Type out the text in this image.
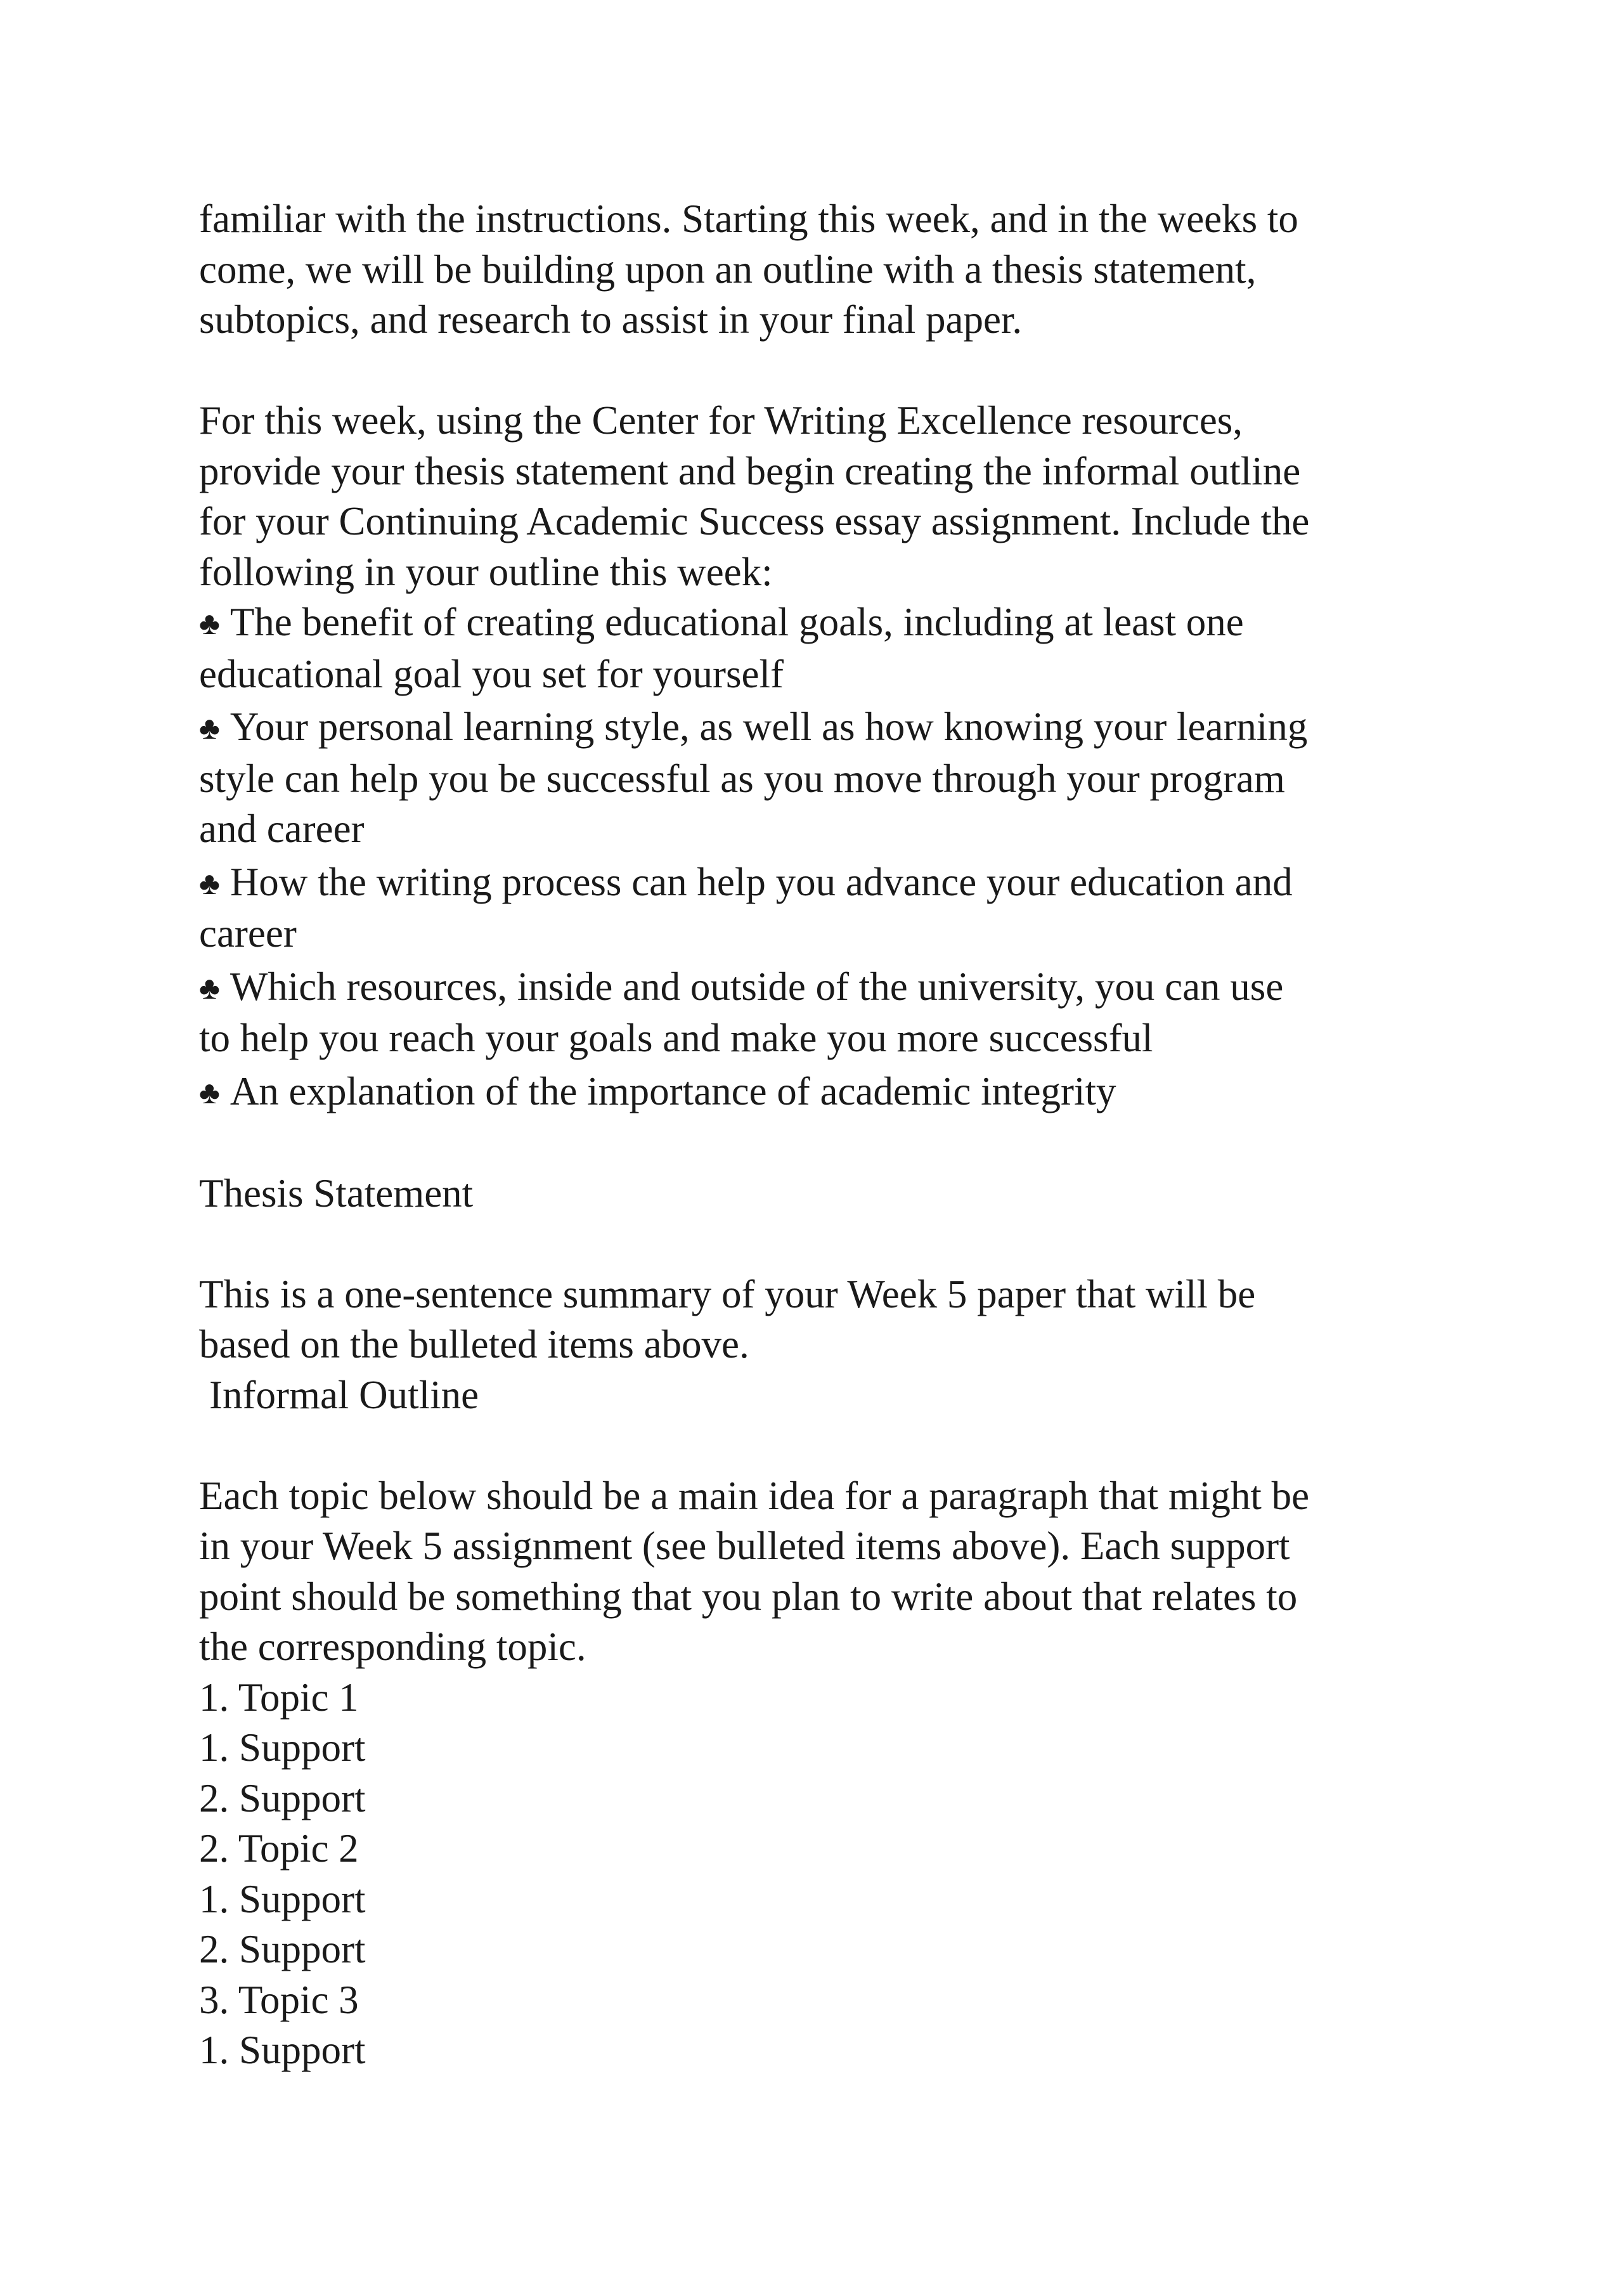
familiar with the instructions. Starting this week, and in the weeks to
come, we will be building upon an outline with a thesis statement,
subtopics, and research to assist in your final paper.

For this week, using the Center for Writing Excellence resources,
provide your thesis statement and begin creating the informal outline
for your Continuing Academic Success essay assignment. Include the
following in your outline this week:

♣ The benefit of creating educational goals, including at least one
educational goal you set for yourself

♣ Your personal learning style, as well as how knowing your learning
style can help you be successful as you move through your program
and career

♣ How the writing process can help you advance your education and
career

♣ Which resources, inside and outside of the university, you can use
to help you reach your goals and make you more successful

♣ An explanation of the importance of academic integrity

Thesis Statement

This is a one-sentence summary of your Week 5 paper that will be
based on the bulleted items above.

Informal Outline

Each topic below should be a main idea for a paragraph that might be
in your Week 5 assignment (see bulleted items above). Each support
point should be something that you plan to write about that relates to
the corresponding topic.

1. Topic 1
1. Support
2. Support
2. Topic 2
1. Support
2. Support
3. Topic 3
1. Support
